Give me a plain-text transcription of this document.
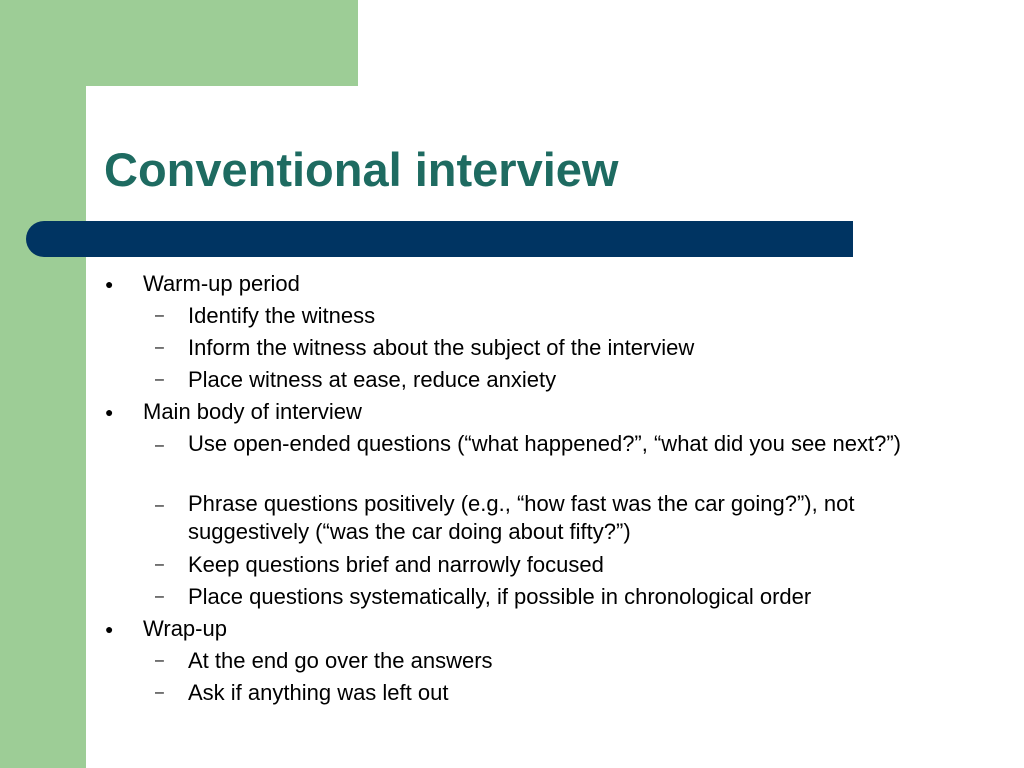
Conventional interview
● Warm-up period
– Identify the witness
– Inform the witness about the subject of the interview
– Place witness at ease, reduce anxiety
● Main body of interview
– Use open-ended questions (“what happened?”, “what did you see next?”)
– Phrase questions positively (e.g., “how fast was the car going?”), not suggestively (“was the car doing about fifty?”)
– Keep questions brief and narrowly focused
– Place questions systematically, if possible in chronological order
● Wrap-up
– At the end go over the answers
– Ask if anything was left out
